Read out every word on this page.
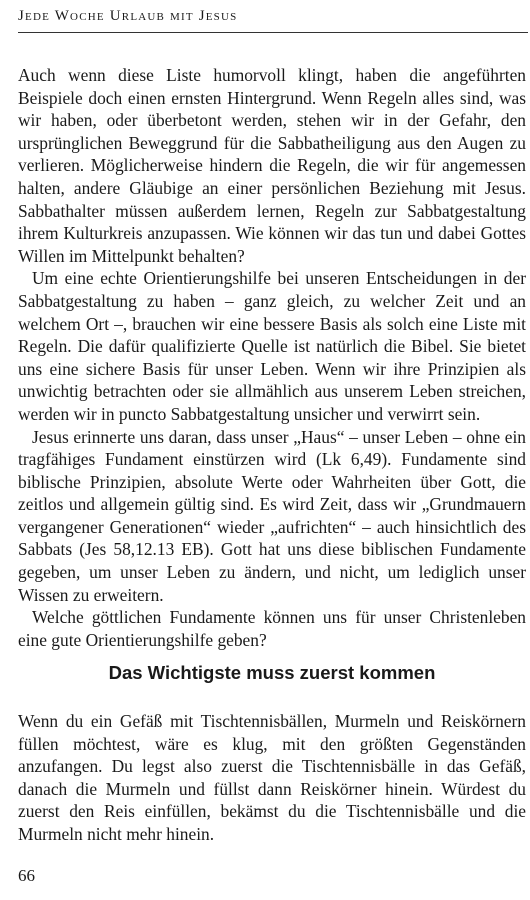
Jede Woche Urlaub mit Jesus

Auch wenn diese Liste humorvoll klingt, haben die angeführten Beispiele doch einen ernsten Hintergrund. Wenn Regeln alles sind, was wir haben, oder überbetont werden, stehen wir in der Gefahr, den ursprünglichen Beweggrund für die Sabbatheiligung aus den Augen zu verlieren. Möglicherweise hindern die Regeln, die wir für angemessen halten, andere Gläubige an einer persönlichen Beziehung mit Jesus. Sabbathalter müssen außerdem lernen, Regeln zur Sabbatgestaltung ihrem Kulturkreis anzupassen. Wie können wir das tun und dabei Gottes Willen im Mittelpunkt behalten?

Um eine echte Orientierungshilfe bei unseren Entscheidungen in der Sabbatgestaltung zu haben – ganz gleich, zu welcher Zeit und an welchem Ort –, brauchen wir eine bessere Basis als solch eine Liste mit Regeln. Die dafür qualifizierte Quelle ist natürlich die Bibel. Sie bietet uns eine sichere Basis für unser Leben. Wenn wir ihre Prinzipien als unwichtig betrachten oder sie allmählich aus unserem Leben streichen, werden wir in puncto Sabbatgestaltung unsicher und verwirrt sein.

Jesus erinnerte uns daran, dass unser „Haus“ – unser Leben – ohne ein tragfähiges Fundament einstürzen wird (Lk 6,49). Fundamente sind biblische Prinzipien, absolute Werte oder Wahrheiten über Gott, die zeitlos und allgemein gültig sind. Es wird Zeit, dass wir „Grundmauern vergangener Generationen“ wieder „aufrichten“ – auch hinsichtlich des Sabbats (Jes 58,12.13 EB). Gott hat uns diese biblischen Fundamente gegeben, um unser Leben zu ändern, und nicht, um lediglich unser Wissen zu erweitern.

Welche göttlichen Fundamente können uns für unser Christenleben eine gute Orientierungshilfe geben?

Das Wichtigste muss zuerst kommen

Wenn du ein Gefäß mit Tischtennisbällen, Murmeln und Reiskörnern füllen möchtest, wäre es klug, mit den größten Gegenständen anzufangen. Du legst also zuerst die Tischtennisbälle in das Gefäß, danach die Murmeln und füllst dann Reiskörner hinein. Würdest du zuerst den Reis einfüllen, bekämst du die Tischtennisbälle und die Murmeln nicht mehr hinein.

66
